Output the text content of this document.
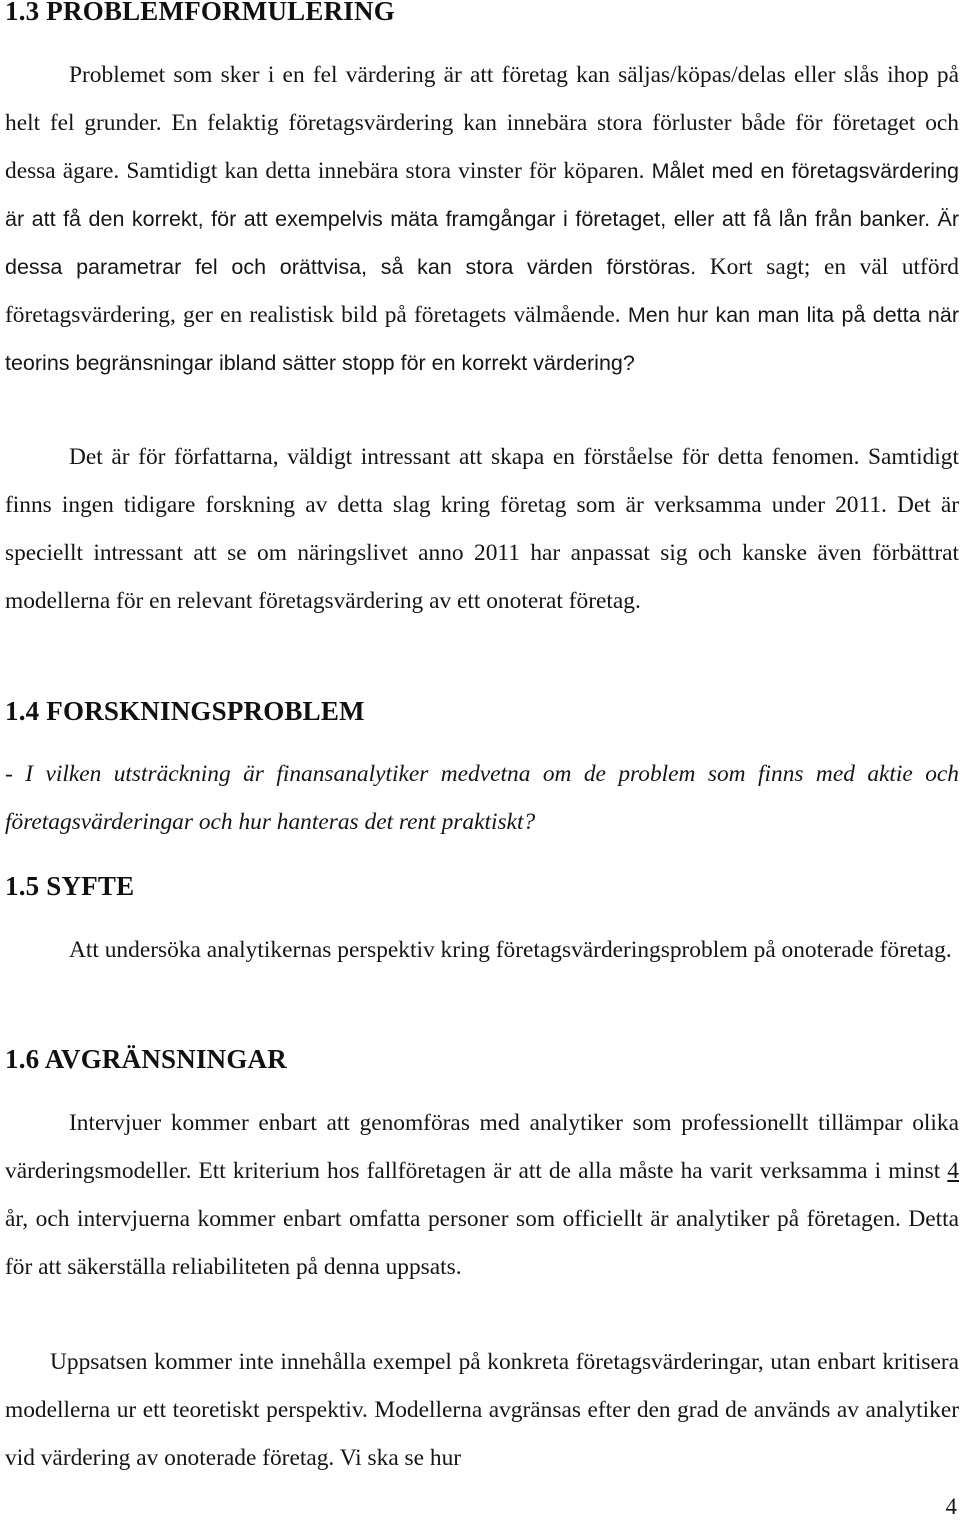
1.3 PROBLEMFORMULERING

Problemet som sker i en fel värdering är att företag kan säljas/köpas/delas eller slås ihop på helt fel grunder. En felaktig företagsvärdering kan innebära stora förluster både för företaget och dessa ägare. Samtidigt kan detta innebära stora vinster för köparen. Målet med en företagsvärdering är att få den korrekt, för att exempelvis mäta framgångar i företaget, eller att få lån från banker. Är dessa parametrar fel och orättvisa, så kan stora värden förstöras. Kort sagt; en väl utförd företagsvärdering, ger en realistisk bild på företagets välmående. Men hur kan man lita på detta när teorins begränsningar ibland sätter stopp för en korrekt värdering?

Det är för författarna, väldigt intressant att skapa en förståelse för detta fenomen. Samtidigt finns ingen tidigare forskning av detta slag kring företag som är verksamma under 2011. Det är speciellt intressant att se om näringslivet anno 2011 har anpassat sig och kanske även förbättrat modellerna för en relevant företagsvärdering av ett onoterat företag.

1.4 FORSKNINGSPROBLEM

- I vilken utsträckning är finansanalytiker medvetna om de problem som finns med aktie och företagsvärderingar och hur hanteras det rent praktiskt?

1.5 SYFTE

Att undersöka analytikernas perspektiv kring företagsvärderingsproblem på onoterade företag.

1.6 AVGRÄNSNINGAR

Intervjuer kommer enbart att genomföras med analytiker som professionellt tillämpar olika värderingsmodeller. Ett kriterium hos fallföretagen är att de alla måste ha varit verksamma i minst 4 år, och intervjuerna kommer enbart omfatta personer som officiellt är analytiker på företagen. Detta för att säkerställa reliabiliteten på denna uppsats.

Uppsatsen kommer inte innehålla exempel på konkreta företagsvärderingar, utan enbart kritisera modellerna ur ett teoretiskt perspektiv. Modellerna avgränsas efter den grad de används av analytiker vid värdering av onoterade företag. Vi ska se hur

4
